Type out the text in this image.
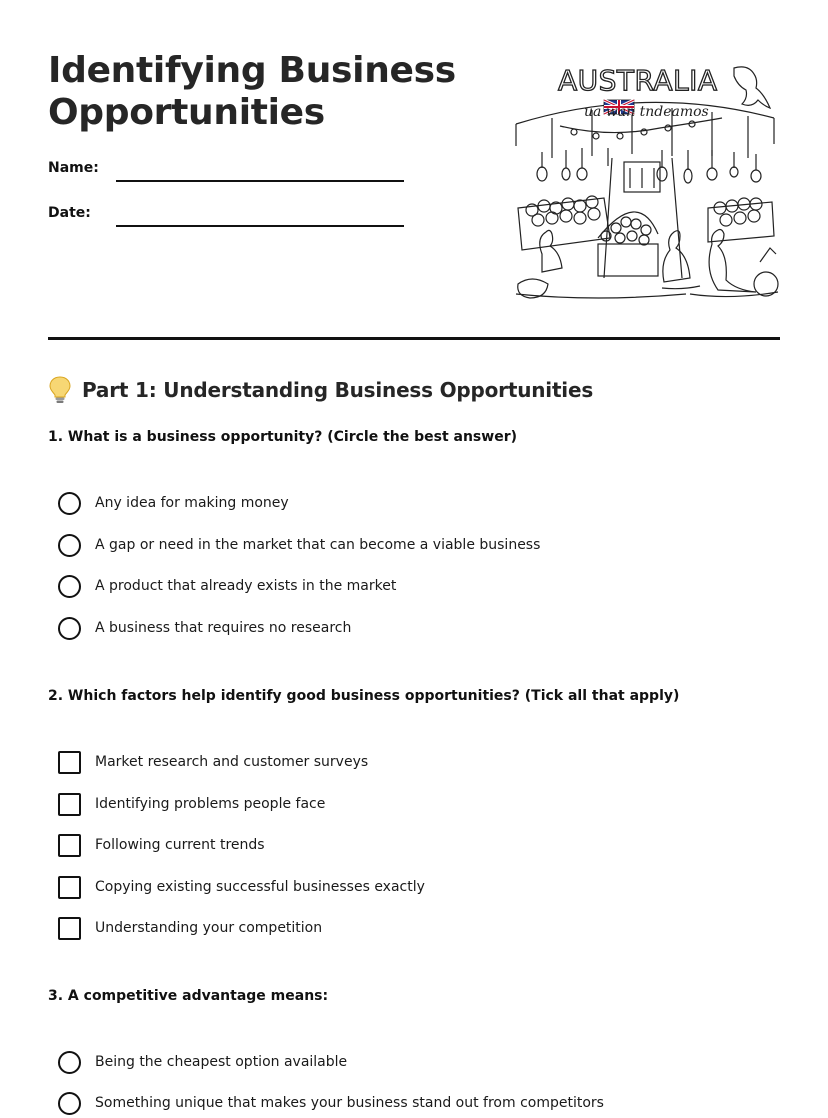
Identifying Business
Opportunities
Name:
Date:
AUSTRALIA
ua wan tndeamos
Part 1: Understanding Business Opportunities
1. What is a business opportunity? (Circle the best answer)
Any idea for making money
A gap or need in the market that can become a viable business
A product that already exists in the market
A business that requires no research
2. Which factors help identify good business opportunities? (Tick all that apply)
Market research and customer surveys
Identifying problems people face
Following current trends
Copying existing successful businesses exactly
Understanding your competition
3. A competitive advantage means:
Being the cheapest option available
Something unique that makes your business stand out from competitors
